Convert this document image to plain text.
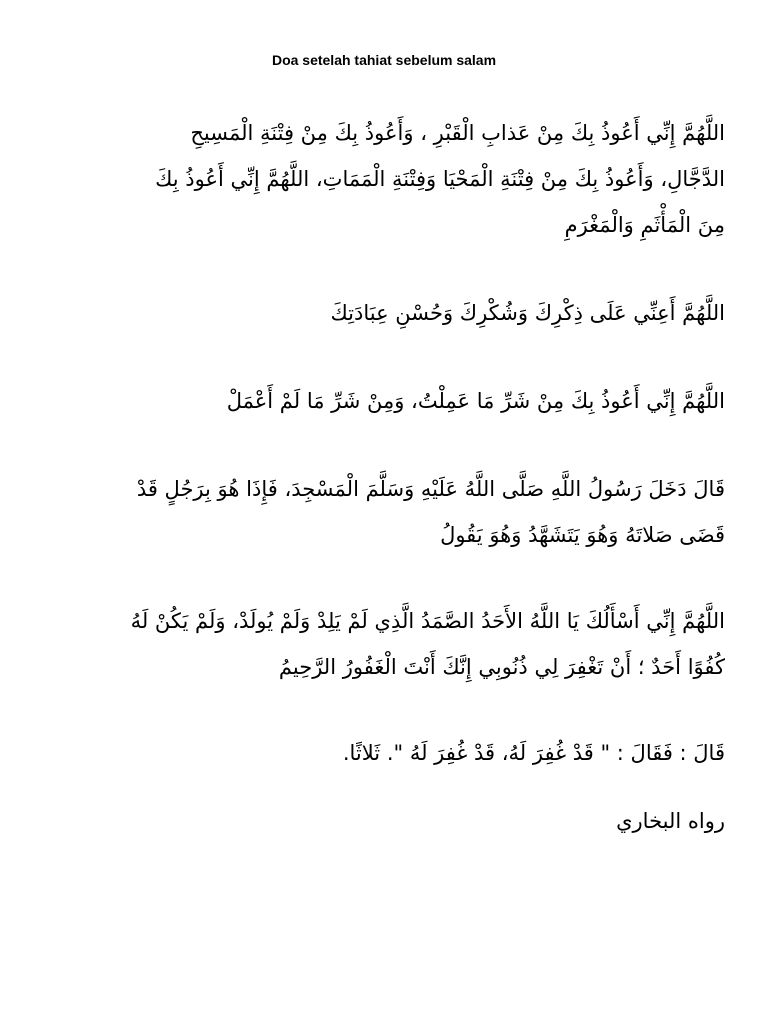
Doa setelah tahiat sebelum salam
اللَّهُمَّ إِنِّي أَعُوذُ بِكَ مِنْ عَذابِ الْقَبْرِ ، وَأَعُوذُ بِكَ مِنْ فِتْنَةِ الْمَسِيحِ
الدَّجَّالِ، وَأَعُوذُ بِكَ مِنْ فِتْنَةِ الْمَحْيَا وَفِتْنَةِ الْمَمَاتِ، اللَّهُمَّ إِنِّي أَعُوذُ بِكَ
مِنَ الْمَأْثَمِ وَالْمَغْرَمِ
اللَّهُمَّ أَعِنِّي عَلَى ذِكْرِكَ وَشُكْرِكَ وَحُسْنِ عِبَادَتِكَ
اللَّهُمَّ إِنِّي أَعُوذُ بِكَ مِنْ شَرِّ مَا عَمِلْتُ، وَمِنْ شَرِّ مَا لَمْ أَعْمَلْ
قَالَ دَخَلَ رَسُولُ اللَّهِ صَلَّى اللَّهُ عَلَيْهِ وَسَلَّمَ الْمَسْجِدَ، فَإِذَا هُوَ بِرَجُلٍ قَدْ
قَضَى صَلاتَهُ وَهُوَ يَتَشَهَّدُ وَهُوَ يَقُولُ
اللَّهُمَّ إِنِّي أَسْأَلُكَ يَا اللَّهُ الأَحَدُ الصَّمَدُ الَّذِي لَمْ يَلِدْ وَلَمْ يُولَدْ، وَلَمْ يَكُنْ لَهُ
كُفُوًا أَحَدٌ ؛ أَنْ تَغْفِرَ لِي ذُنُوبِي إِنَّكَ أَنْتَ الْغَفُورُ الرَّحِيمُ
قَالَ : فَقَالَ : " قَدْ غُفِرَ لَهُ، قَدْ غُفِرَ لَهُ ". ثَلاثًا.
رواه البخاري
